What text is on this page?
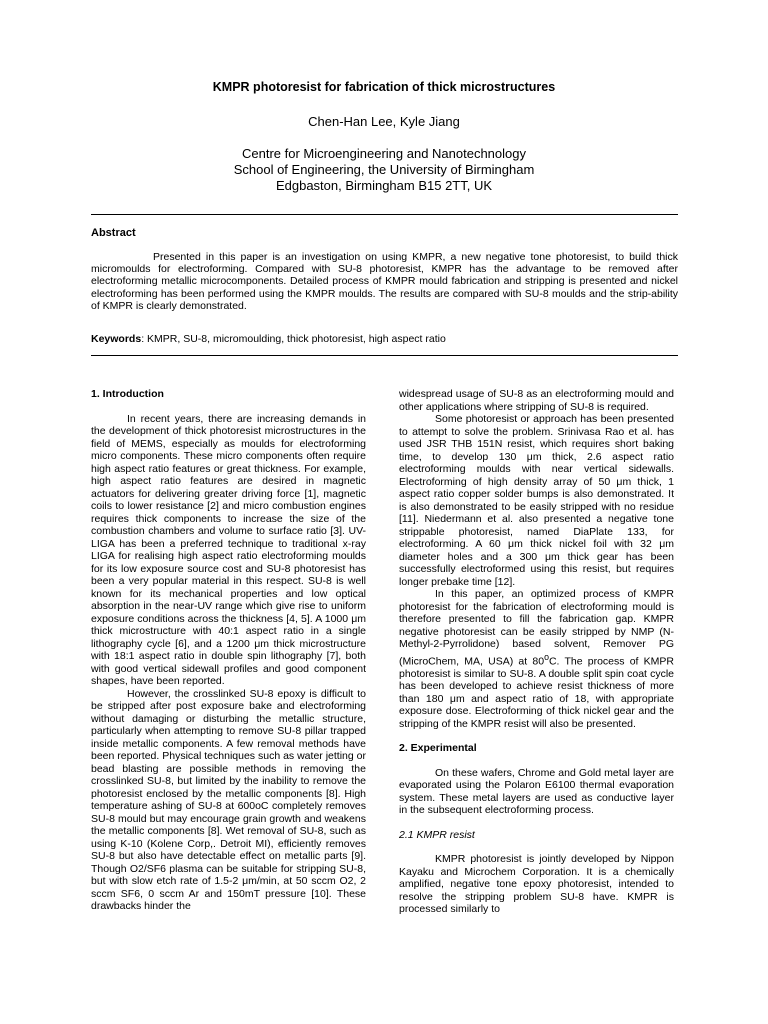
KMPR photoresist for fabrication of thick microstructures
Chen-Han Lee, Kyle Jiang
Centre for Microengineering and Nanotechnology
School of Engineering, the University of Birmingham
Edgbaston, Birmingham B15 2TT, UK
Abstract

Presented in this paper is an investigation on using KMPR, a new negative tone photoresist, to build thick micromoulds for electroforming. Compared with SU-8 photoresist, KMPR has the advantage to be removed after electroforming metallic microcomponents. Detailed process of KMPR mould fabrication and stripping is presented and nickel electroforming has been performed using the KMPR moulds. The results are compared with SU-8 moulds and the strip-ability of KMPR is clearly demonstrated.

Keywords: KMPR, SU-8, micromoulding, thick photoresist, high aspect ratio
1. Introduction

In recent years, there are increasing demands in the development of thick photoresist microstructures in the field of MEMS, especially as moulds for electroforming micro components. These micro components often require high aspect ratio features or great thickness. For example, high aspect ratio features are desired in magnetic actuators for delivering greater driving force [1], magnetic coils to lower resistance [2] and micro combustion engines requires thick components to increase the size of the combustion chambers and volume to surface ratio [3]. UV-LIGA has been a preferred technique to traditional x-ray LIGA for realising high aspect ratio electroforming moulds for its low exposure source cost and SU-8 photoresist has been a very popular material in this respect. SU-8 is well known for its mechanical properties and low optical absorption in the near-UV range which give rise to uniform exposure conditions across the thickness [4, 5]. A 1000 μm thick microstructure with 40:1 aspect ratio in a single lithography cycle [6], and a 1200 μm thick microstructure with 18:1 aspect ratio in double spin lithography [7], both with good vertical sidewall profiles and good component shapes, have been reported.

However, the crosslinked SU-8 epoxy is difficult to be stripped after post exposure bake and electroforming without damaging or disturbing the metallic structure, particularly when attempting to remove SU-8 pillar trapped inside metallic components. A few removal methods have been reported. Physical techniques such as water jetting or bead blasting are possible methods in removing the crosslinked SU-8, but limited by the inability to remove the photoresist enclosed by the metallic components [8]. High temperature ashing of SU-8 at 600oC completely removes SU-8 mould but may encourage grain growth and weakens the metallic components [8]. Wet removal of SU-8, such as using K-10 (Kolene Corp,. Detroit MI), efficiently removes SU-8 but also have detectable effect on metallic parts [9]. Though O2/SF6 plasma can be suitable for stripping SU-8, but with slow etch rate of 1.5-2 μm/min, at 50 sccm O2, 2 sccm SF6, 0 sccm Ar and 150mT pressure [10]. These drawbacks hinder the

widespread usage of SU-8 as an electroforming mould and other applications where stripping of SU-8 is required.

Some photoresist or approach has been presented to attempt to solve the problem. Srinivasa Rao et al. has used JSR THB 151N resist, which requires short baking time, to develop 130 μm thick, 2.6 aspect ratio electroforming moulds with near vertical sidewalls. Electroforming of high density array of 50 μm thick, 1 aspect ratio copper solder bumps is also demonstrated. It is also demonstrated to be easily stripped with no residue [11]. Niedermann et al. also presented a negative tone strippable photoresist, named DiaPlate 133, for electroforming. A 60 μm thick nickel foil with 32 μm diameter holes and a 300 μm thick gear has been successfully electroformed using this resist, but requires longer prebake time [12].

In this paper, an optimized process of KMPR photoresist for the fabrication of electroforming mould is therefore presented to fill the fabrication gap. KMPR negative photoresist can be easily stripped by NMP (N-Methyl-2-Pyrrolidone) based solvent, Remover PG (MicroChem, MA, USA) at 80$^o$C. The process of KMPR photoresist is similar to SU-8. A double split spin coat cycle has been developed to achieve resist thickness of more than 180 μm and aspect ratio of 18, with appropriate exposure dose. Electroforming of thick nickel gear and the stripping of the KMPR resist will also be presented.

2. Experimental

On these wafers, Chrome and Gold metal layer are evaporated using the Polaron E6100 thermal evaporation system. These metal layers are used as conductive layer in the subsequent electroforming process.

2.1 KMPR resist

KMPR photoresist is jointly developed by Nippon Kayaku and Microchem Corporation. It is a chemically amplified, negative tone epoxy photoresist, intended to resolve the stripping problem SU-8 have. KMPR is processed similarly to
